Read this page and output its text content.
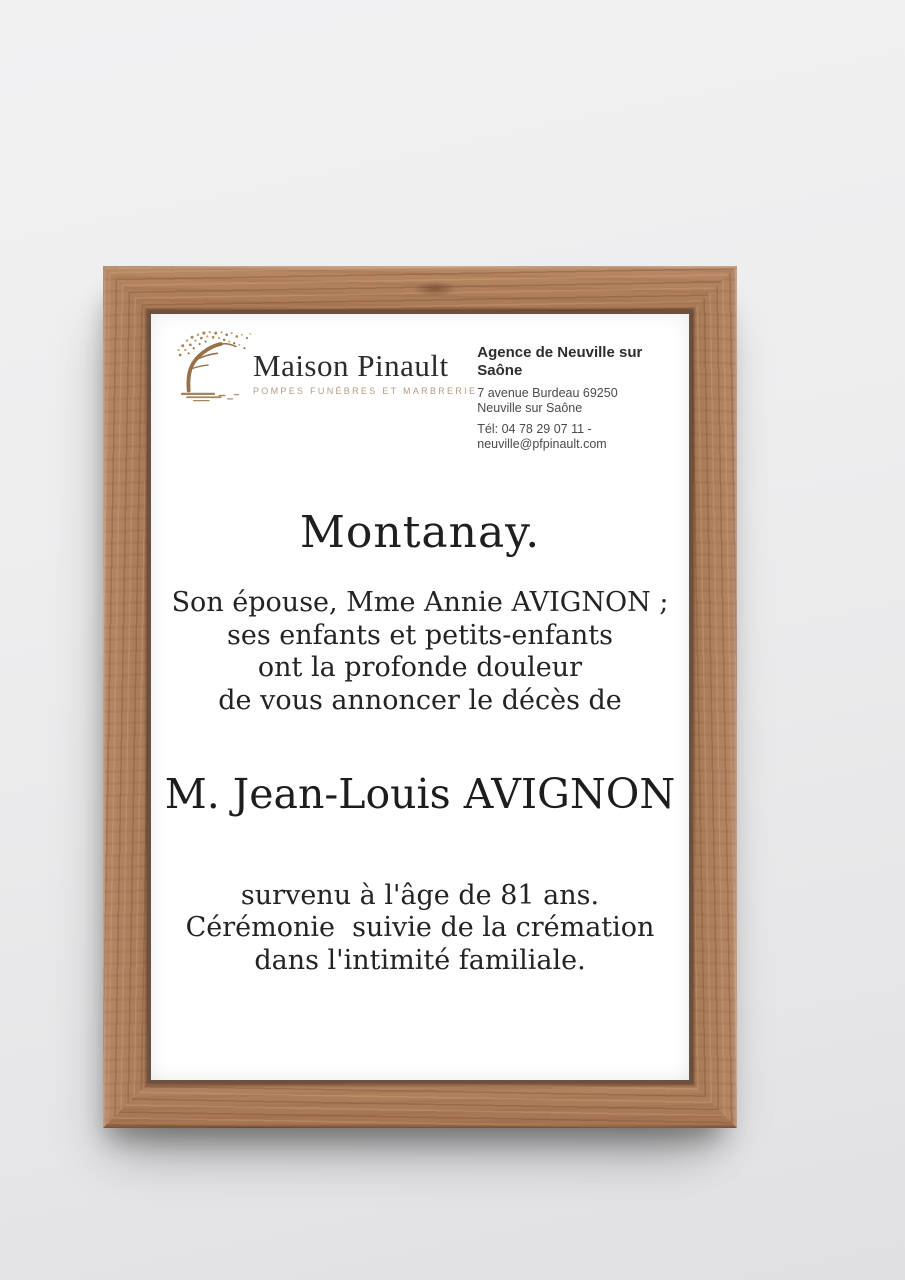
Maison Pinault
POMPES FUNÈBRES ET MARBRERIE
Agence de Neuville sur Saône
7 avenue Burdeau 69250 Neuville sur Saône
Tél: 04 78 29 07 11 - neuville@pfpinault.com
Montanay.
Son épouse, Mme Annie AVIGNON ;
ses enfants et petits-enfants
ont la profonde douleur
de vous annoncer le décès de
M. Jean-Louis AVIGNON
survenu à l'âge de 81 ans.
Cérémonie  suivie de la crémation
dans l'intimité familiale.
